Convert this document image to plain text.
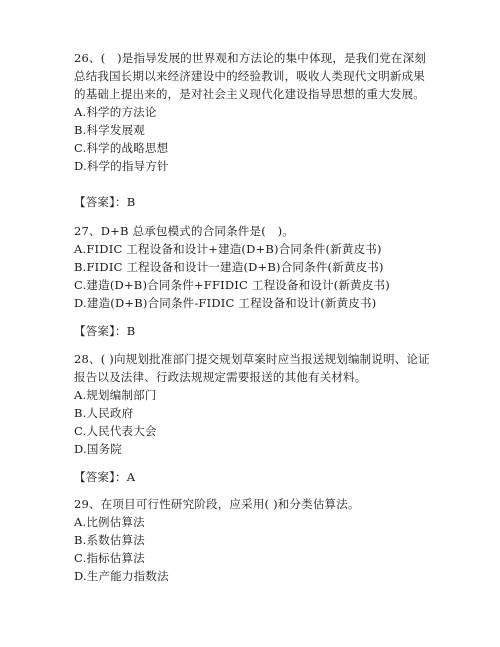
26、(　)是指导发展的世界观和方法论的集中体现，是我们党在深刻
总结我国长期以来经济建设中的经验教训，吸收人类现代文明新成果
的基础上提出来的，是对社会主义现代化建设指导思想的重大发展。
A.科学的方法论
B.科学发展观
C.科学的战略思想
D.科学的指导方针
【答案】：B
27、D+B 总承包模式的合同条件是(　)。
A.FIDIC 工程设备和设计+建造(D+B)合同条件(新黄皮书)
B.FIDIC 工程设备和设计一建造(D+B)合同条件(新黄皮书)
C.建造(D+B)合同条件+FFIDIC 工程设备和设计(新黄皮书)
D.建造(D+B)合同条件-FIDIC 工程设备和设计(新黄皮书)
【答案】：B
28、( )向规划批准部门提交规划草案时应当报送规划编制说明、论证
报告以及法律、行政法规规定需要报送的其他有关材料。
A.规划编制部门
B.人民政府
C.人民代表大会
D.国务院
【答案】：A
29、在项目可行性研究阶段，应采用( )和分类估算法。
A.比例估算法
B.系数估算法
C.指标估算法
D.生产能力指数法
